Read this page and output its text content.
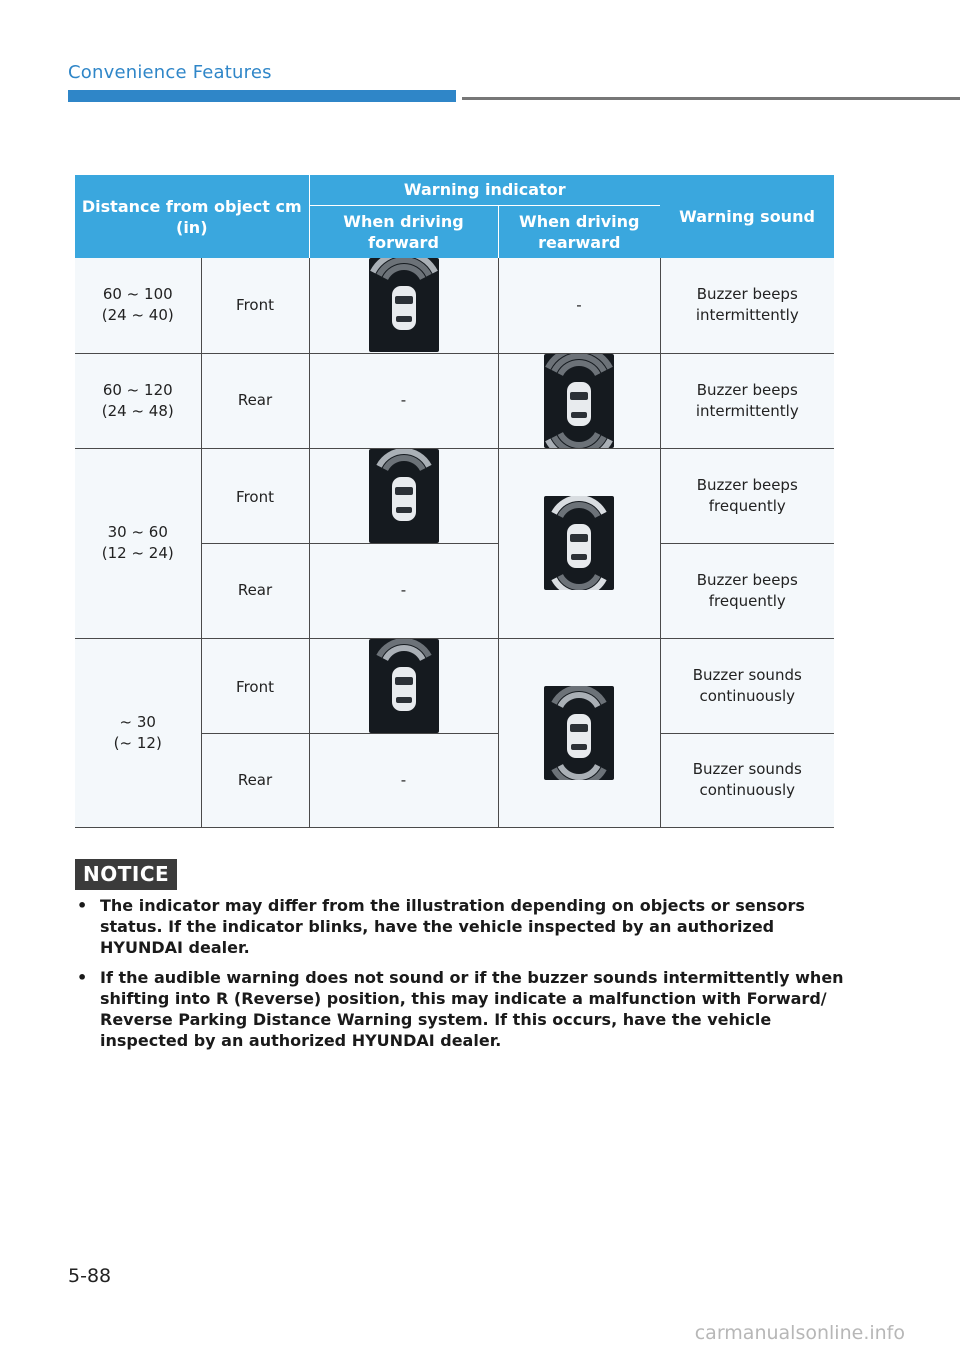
Convenience Features
Distance from object cm (in)		Warning indicator		Warning sound
		When driving forward	When driving rearward	
60 ~ 100
(24 ~ 40)	Front		-	Buzzer beeps intermittently
60 ~ 120
(24 ~ 48)	Rear	-		Buzzer beeps intermittently
30 ~ 60
(12 ~ 24)	Front			Buzzer beeps frequently
	Rear	-		Buzzer beeps frequently
~ 30
(~ 12)	Front			Buzzer sounds continuously
	Rear	-		Buzzer sounds continuously
NOTICE
• The indicator may differ from the illustration depending on objects or sensors status. If the indicator blinks, have the vehicle inspected by an authorized HYUNDAI dealer.
• If the audible warning does not sound or if the buzzer sounds intermittently when shifting into R (Reverse) position, this may indicate a malfunction with Forward/ Reverse Parking Distance Warning system. If this occurs, have the vehicle inspected by an authorized HYUNDAI dealer.
5-88
carmanualsonline.info
